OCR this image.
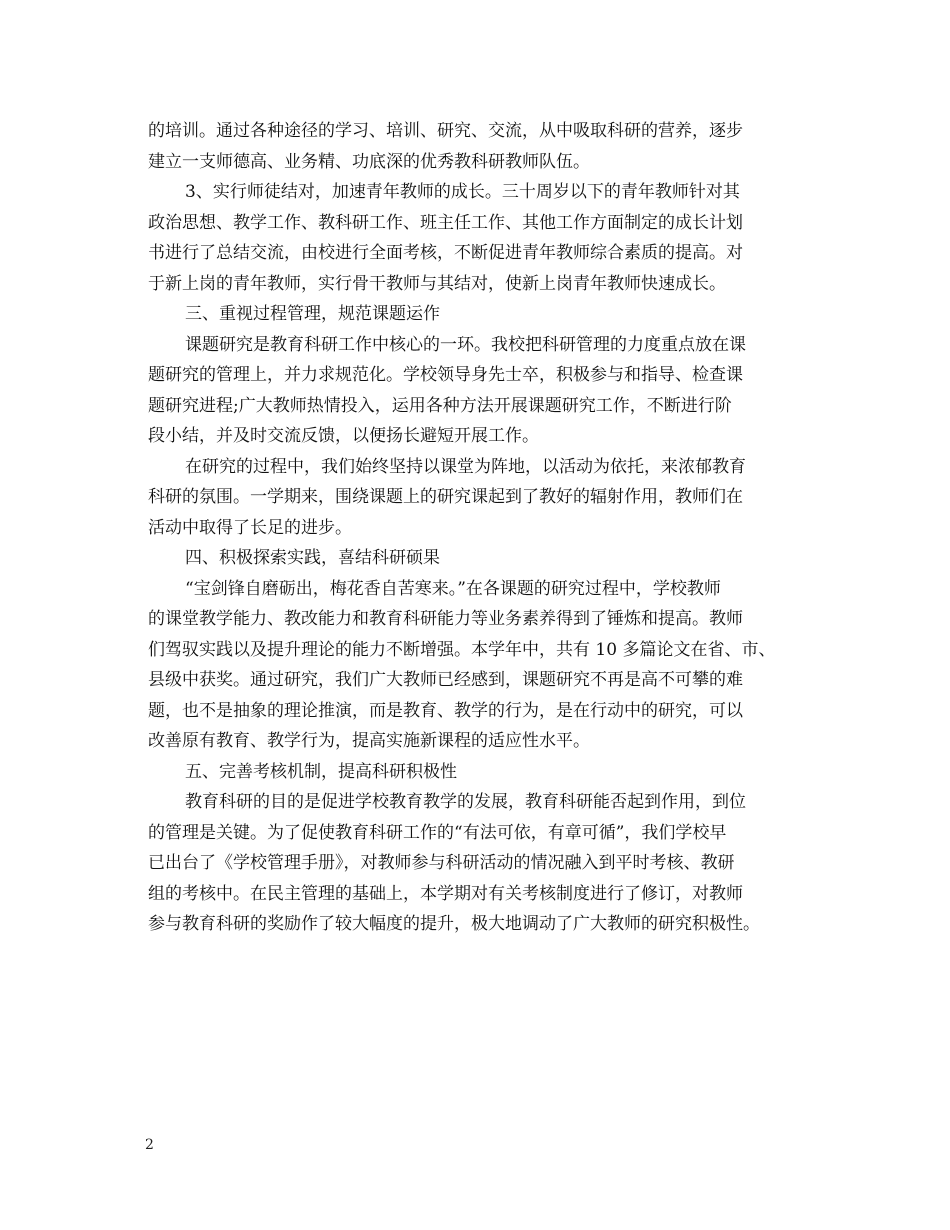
的培训。通过各种途径的学习、培训、研究、交流，从中吸取科研的营养，逐步
建立一支师德高、业务精、功底深的优秀教科研教师队伍。
3、实行师徒结对，加速青年教师的成长。三十周岁以下的青年教师针对其
政治思想、教学工作、教科研工作、班主任工作、其他工作方面制定的成长计划
书进行了总结交流，由校进行全面考核，不断促进青年教师综合素质的提高。对
于新上岗的青年教师，实行骨干教师与其结对，使新上岗青年教师快速成长。
三、重视过程管理，规范课题运作
课题研究是教育科研工作中核心的一环。我校把科研管理的力度重点放在课
题研究的管理上，并力求规范化。学校领导身先士卒，积极参与和指导、检查课
题研究进程;广大教师热情投入，运用各种方法开展课题研究工作，不断进行阶
段小结，并及时交流反馈，以便扬长避短开展工作。
在研究的过程中，我们始终坚持以课堂为阵地，以活动为依托，来浓郁教育
科研的氛围。一学期来，围绕课题上的研究课起到了教好的辐射作用，教师们在
活动中取得了长足的进步。
四、积极探索实践，喜结科研硕果
“宝剑锋自磨砺出，梅花香自苦寒来。”在各课题的研究过程中，学校教师
的课堂教学能力、教改能力和教育科研能力等业务素养得到了锤炼和提高。教师
们驾驭实践以及提升理论的能力不断增强。本学年中，共有 10 多篇论文在省、市、
县级中获奖。通过研究，我们广大教师已经感到，课题研究不再是高不可攀的难
题，也不是抽象的理论推演，而是教育、教学的行为，是在行动中的研究，可以
改善原有教育、教学行为，提高实施新课程的适应性水平。
五、完善考核机制，提高科研积极性
教育科研的目的是促进学校教育教学的发展，教育科研能否起到作用，到位
的管理是关键。为了促使教育科研工作的“有法可依，有章可循”，我们学校早
已出台了《学校管理手册》，对教师参与科研活动的情况融入到平时考核、教研
组的考核中。在民主管理的基础上，本学期对有关考核制度进行了修订，对教师
参与教育科研的奖励作了较大幅度的提升，极大地调动了广大教师的研究积极性。

2
